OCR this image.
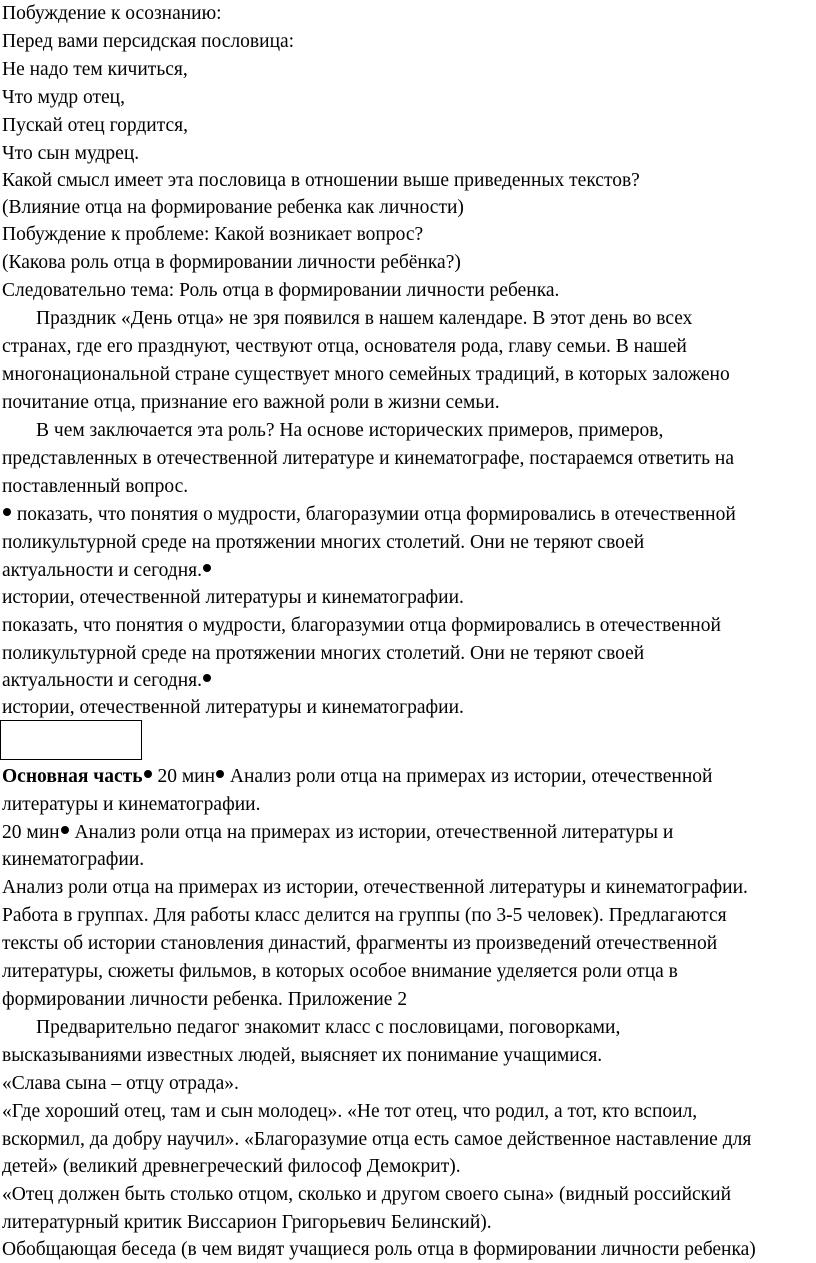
Побуждение к осознанию:
Перед вами персидская пословица:
Не надо тем кичиться,
Что мудр отец,
Пускай отец гордится,
Что сын мудрец.
Какой смысл имеет эта пословица в отношении выше приведенных текстов?
(Влияние отца на формирование ребенка как личности)
Побуждение к проблеме: Какой возникает вопрос?
(Какова роль отца в формировании личности ребёнка?)
Следовательно тема: Роль отца в формировании личности ребенка.
Праздник «День отца» не зря появился в нашем календаре. В этот день во всех
странах, где его празднуют, чествуют отца, основателя рода, главу семьи. В нашей
многонациональной стране существует много семейных традиций, в которых заложено
почитание отца, признание его важной роли в жизни семьи.
В чем заключается эта роль? На основе исторических примеров, примеров,
представленных в отечественной литературе и кинематографе, постараемся ответить на
поставленный вопрос.
показать, что понятия о мудрости, благоразумии отца формировались в отечественной
поликультурной среде на протяжении многих столетий. Они не теряют своей
актуальности и сегодня.
истории, отечественной литературы и кинематографии.
показать, что понятия о мудрости, благоразумии отца формировались в отечественной
поликультурной среде на протяжении многих столетий. Они не теряют своей
актуальности и сегодня.
истории, отечественной литературы и кинематографии.
Основная часть 20 мин Анализ роли отца на примерах из истории, отечественной
литературы и кинематографии.
20 мин Анализ роли отца на примерах из истории, отечественной литературы и
кинематографии.
Анализ роли отца на примерах из истории, отечественной литературы и кинематографии.
Работа в группах. Для работы класс делится на группы (по 3-5 человек). Предлагаются
тексты об истории становления династий, фрагменты из произведений отечественной
литературы, сюжеты фильмов, в которых особое внимание уделяется роли отца в
формировании личности ребенка. Приложение 2
Предварительно педагог знакомит класс с пословицами, поговорками,
высказываниями известных людей, выясняет их понимание учащимися.
«Слава сына – отцу отрада».
«Где хороший отец, там и сын молодец». «Не тот отец, что родил, а тот, кто вспоил,
вскормил, да добру научил». «Благоразумие отца есть самое действенное наставление для
детей» (великий древнегреческий философ Демокрит).
«Отец должен быть столько отцом, сколько и другом своего сына» (видный российский
литературный критик Виссарион Григорьевич Белинский).
Обобщающая беседа (в чем видят учащиеся роль отца в формировании личности ребенка)
